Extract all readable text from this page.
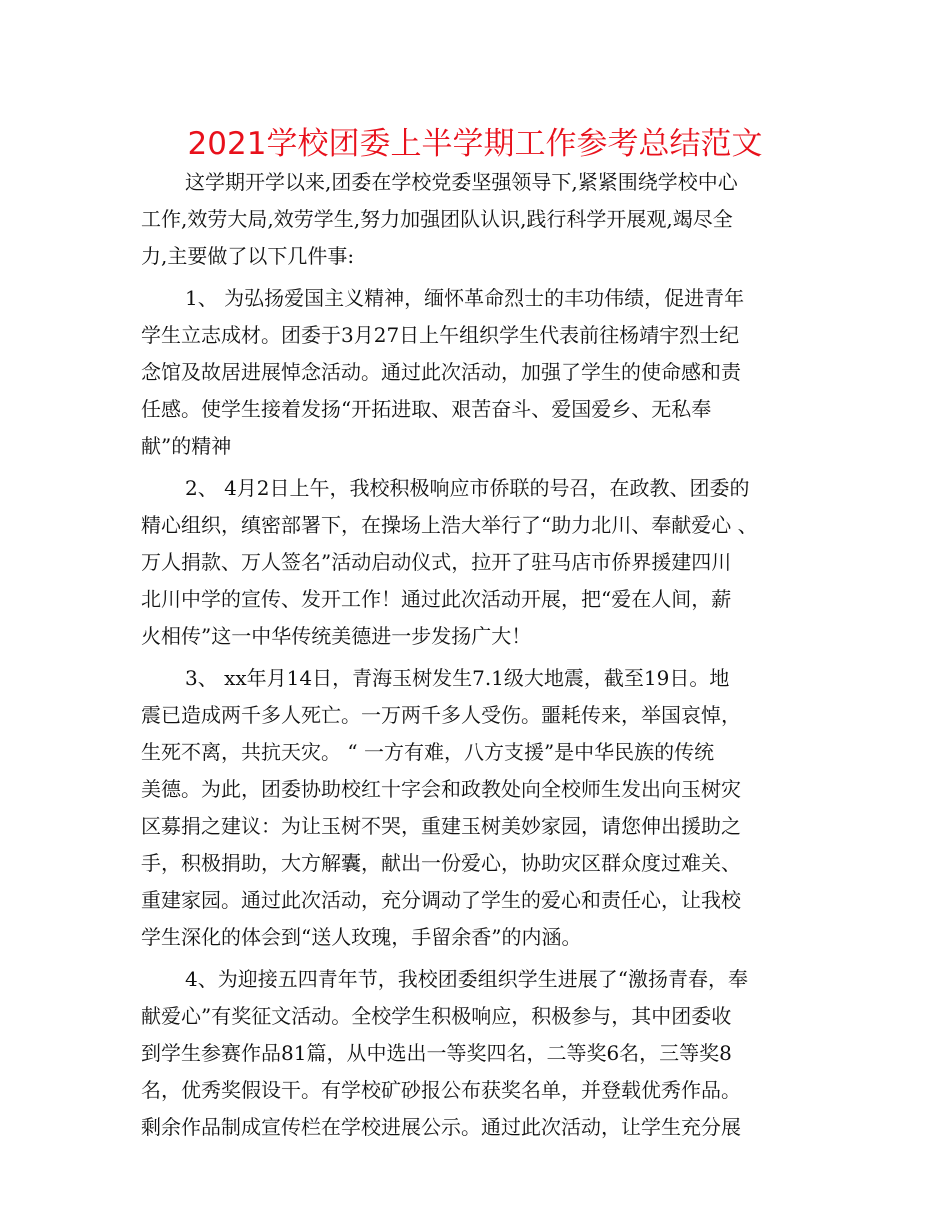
2021学校团委上半学期工作参考总结范文
这学期开学以来,团委在学校党委坚强领导下,紧紧围绕学校中心
工作,效劳大局,效劳学生,努力加强团队认识,践行科学开展观,竭尽全
力,主要做了以下几件事:
1、 为弘扬爱国主义精神，缅怀革命烈士的丰功伟绩，促进青年
学生立志成材。团委于3月27日上午组织学生代表前往杨靖宇烈士纪
念馆及故居进展悼念活动。通过此次活动，加强了学生的使命感和责
任感。使学生接着发扬“开拓进取、艰苦奋斗、爱国爱乡、无私奉
献”的精神
2、 4月2日上午，我校积极响应市侨联的号召，在政教、团委的
精心组织，缜密部署下，在操场上浩大举行了“助力北川、奉献爱心 、
万人捐款、万人签名”活动启动仪式，拉开了驻马店市侨界援建四川
北川中学的宣传、发开工作！通过此次活动开展，把“爱在人间，薪
火相传”这一中华传统美德进一步发扬广大！
3、 xx年月14日，青海玉树发生7.1级大地震，截至19日。地
震已造成两千多人死亡。一万两千多人受伤。噩耗传来，举国哀悼，
生死不离，共抗天灾。 “ 一方有难，八方支援”是中华民族的传统
美德。为此，团委协助校红十字会和政教处向全校师生发出向玉树灾
区募捐之建议：为让玉树不哭，重建玉树美妙家园，请您伸出援助之
手，积极捐助，大方解囊，献出一份爱心，协助灾区群众度过难关、
重建家园。通过此次活动，充分调动了学生的爱心和责任心，让我校
学生深化的体会到“送人玫瑰，手留余香”的内涵。
4、为迎接五四青年节，我校团委组织学生进展了“激扬青春，奉
献爱心”有奖征文活动。全校学生积极响应，积极参与，其中团委收
到学生参赛作品81篇，从中选出一等奖四名，二等奖6名，三等奖8
名，优秀奖假设干。有学校矿砂报公布获奖名单，并登载优秀作品。
剩余作品制成宣传栏在学校进展公示。通过此次活动，让学生充分展
